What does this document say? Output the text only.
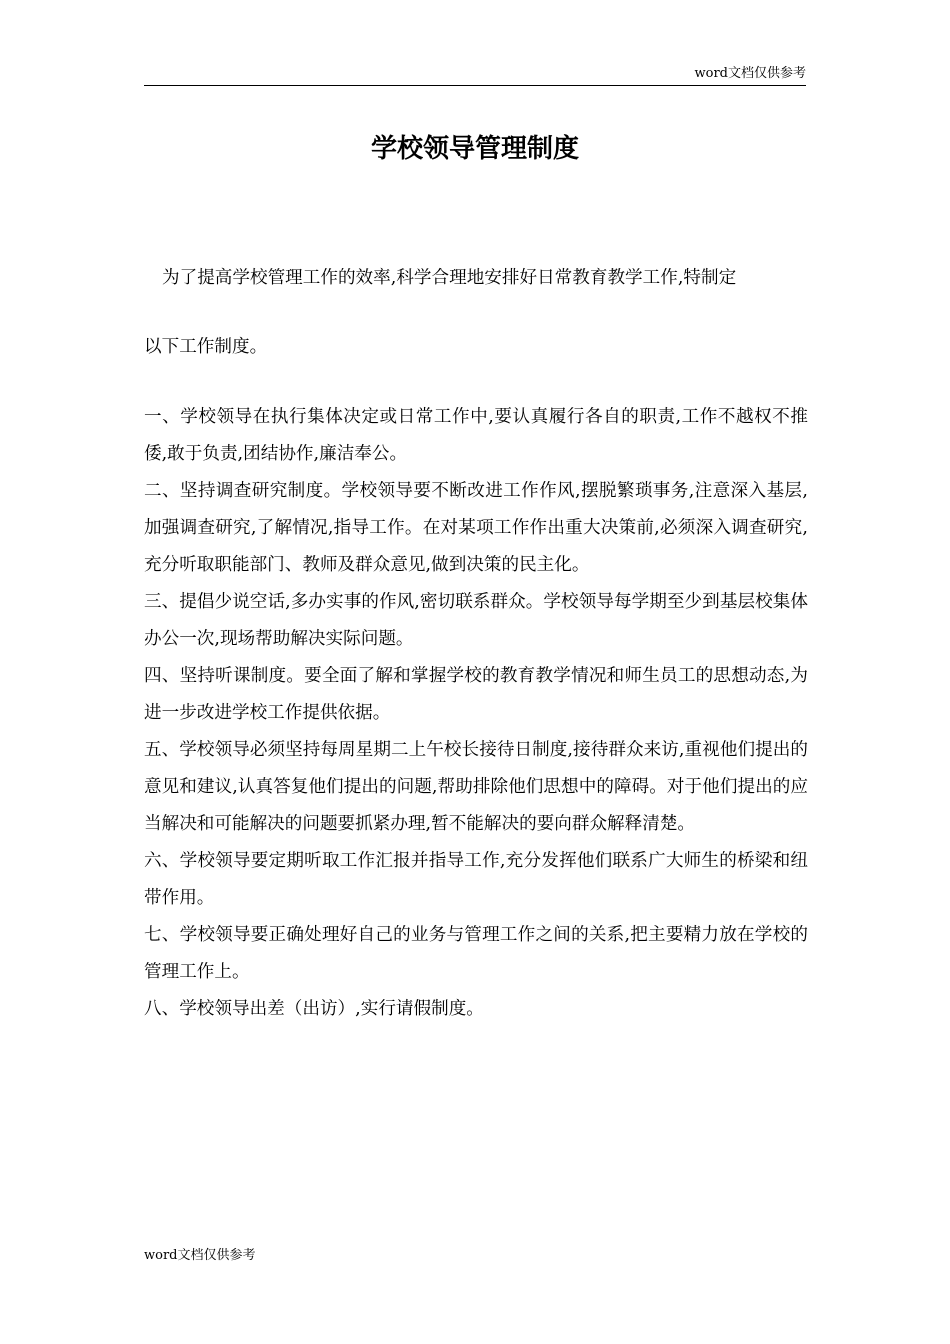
word文档仅供参考
学校领导管理制度

为了提高学校管理工作的效率,科学合理地安排好日常教育教学工作,特制定
以下工作制度。

一、学校领导在执行集体决定或日常工作中,要认真履行各自的职责,工作不越权不推倭,敢于负责,团结协作,廉洁奉公。

二、坚持调查研究制度。学校领导要不断改进工作作风,摆脱繁琐事务,注意深入基层,加强调查研究,了解情况,指导工作。在对某项工作作出重大决策前,必须深入调查研究,充分听取职能部门、教师及群众意见,做到决策的民主化。

三、提倡少说空话,多办实事的作风,密切联系群众。学校领导每学期至少到基层校集体办公一次,现场帮助解决实际问题。

四、坚持听课制度。要全面了解和掌握学校的教育教学情况和师生员工的思想动态,为进一步改进学校工作提供依据。

五、学校领导必须坚持每周星期二上午校长接待日制度,接待群众来访,重视他们提出的意见和建议,认真答复他们提出的问题,帮助排除他们思想中的障碍。对于他们提出的应当解决和可能解决的问题要抓紧办理,暂不能解决的要向群众解释清楚。

六、学校领导要定期听取工作汇报并指导工作,充分发挥他们联系广大师生的桥梁和纽带作用。

七、学校领导要正确处理好自己的业务与管理工作之间的关系,把主要精力放在学校的管理工作上。

八、学校领导出差（出访）,实行请假制度。

word文档仅供参考
